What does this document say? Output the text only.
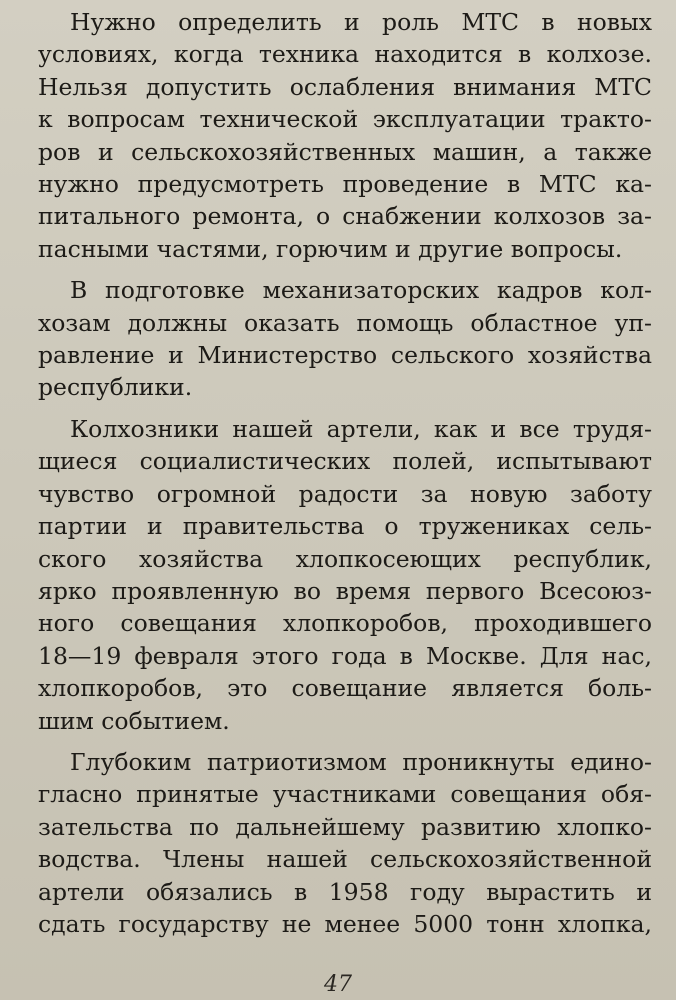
Нужно определить и роль МТС в новых
условиях, когда техника находится в колхозе.
Нельзя допустить ослабления внимания МТС
к вопросам технической эксплуатации тракто-
ров и сельскохозяйственных машин, а также
нужно предусмотреть проведение в МТС ка-
питального ремонта, о снабжении колхозов за-
пасными частями, горючим и другие вопросы.

В подготовке механизаторских кадров кол-
хозам должны оказать помощь областное уп-
равление и Министерство сельского хозяйства
республики.

Колхозники нашей артели, как и все трудя-
щиеся социалистических полей, испытывают
чувство огромной радости за новую заботу
партии и правительства о тружениках сель-
ского хозяйства хлопкосеющих республик,
ярко проявленную во время первого Всесоюз-
ного совещания хлопкоробов, проходившего
18—19 февраля этого года в Москве. Для нас,
хлопкоробов, это совещание является боль-
шим событием.

Глубоким патриотизмом проникнуты едино-
гласно принятые участниками совещания обя-
зательства по дальнейшему развитию хлопко-
водства. Члены нашей сельскохозяйственной
артели обязались в 1958 году вырастить и
сдать государству не менее 5000 тонн хлопка,

47
